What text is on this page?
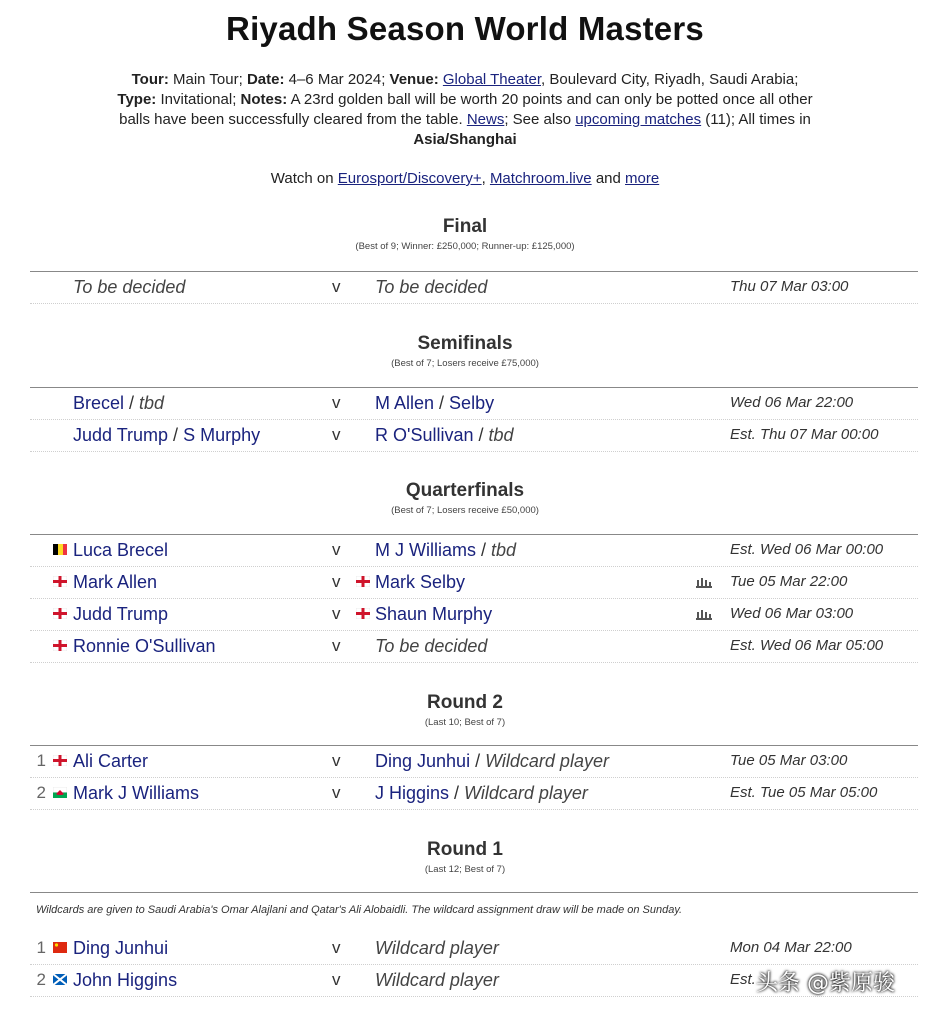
Riyadh Season World Masters
Tour: Main Tour; Date: 4–6 Mar 2024; Venue: Global Theater, Boulevard City, Riyadh, Saudi Arabia; Type: Invitational; Notes: A 23rd golden ball will be worth 20 points and can only be potted once all other balls have been successfully cleared from the table. News; See also upcoming matches (11); All times in Asia/Shanghai
Watch on Eurosport/Discovery+, Matchroom.live and more
Final
(Best of 9; Winner: £250,000; Runner-up: £125,000)
To be decided	v To be decided	Thu 07 Mar 03:00
Semifinals
(Best of 7; Losers receive £75,000)
Brecel / tbd	v M Allen / Selby	Wed 06 Mar 22:00
Judd Trump / S Murphy	v R O'Sullivan / tbd	Est. Thu 07 Mar 00:00
Quarterfinals
(Best of 7; Losers receive £50,000)
Luca Brecel	v M J Williams / tbd	Est. Wed 06 Mar 00:00
Mark Allen	v Mark Selby	Tue 05 Mar 22:00
Judd Trump	v Shaun Murphy	Wed 06 Mar 03:00
Ronnie O'Sullivan	v To be decided	Est. Wed 06 Mar 05:00
Round 2
(Last 10; Best of 7)
1 Ali Carter	v Ding Junhui / Wildcard player	Tue 05 Mar 03:00
2 Mark J Williams	v J Higgins / Wildcard player	Est. Tue 05 Mar 05:00
Round 1
(Last 12; Best of 7)
Wildcards are given to Saudi Arabia's Omar Alajlani and Qatar's Ali Alobaidli. The wildcard assignment draw will be made on Sunday.
1 Ding Junhui	v Wildcard player	Mon 04 Mar 22:00
2 John Higgins	v Wildcard player	Est. 头条 @紫原骏
